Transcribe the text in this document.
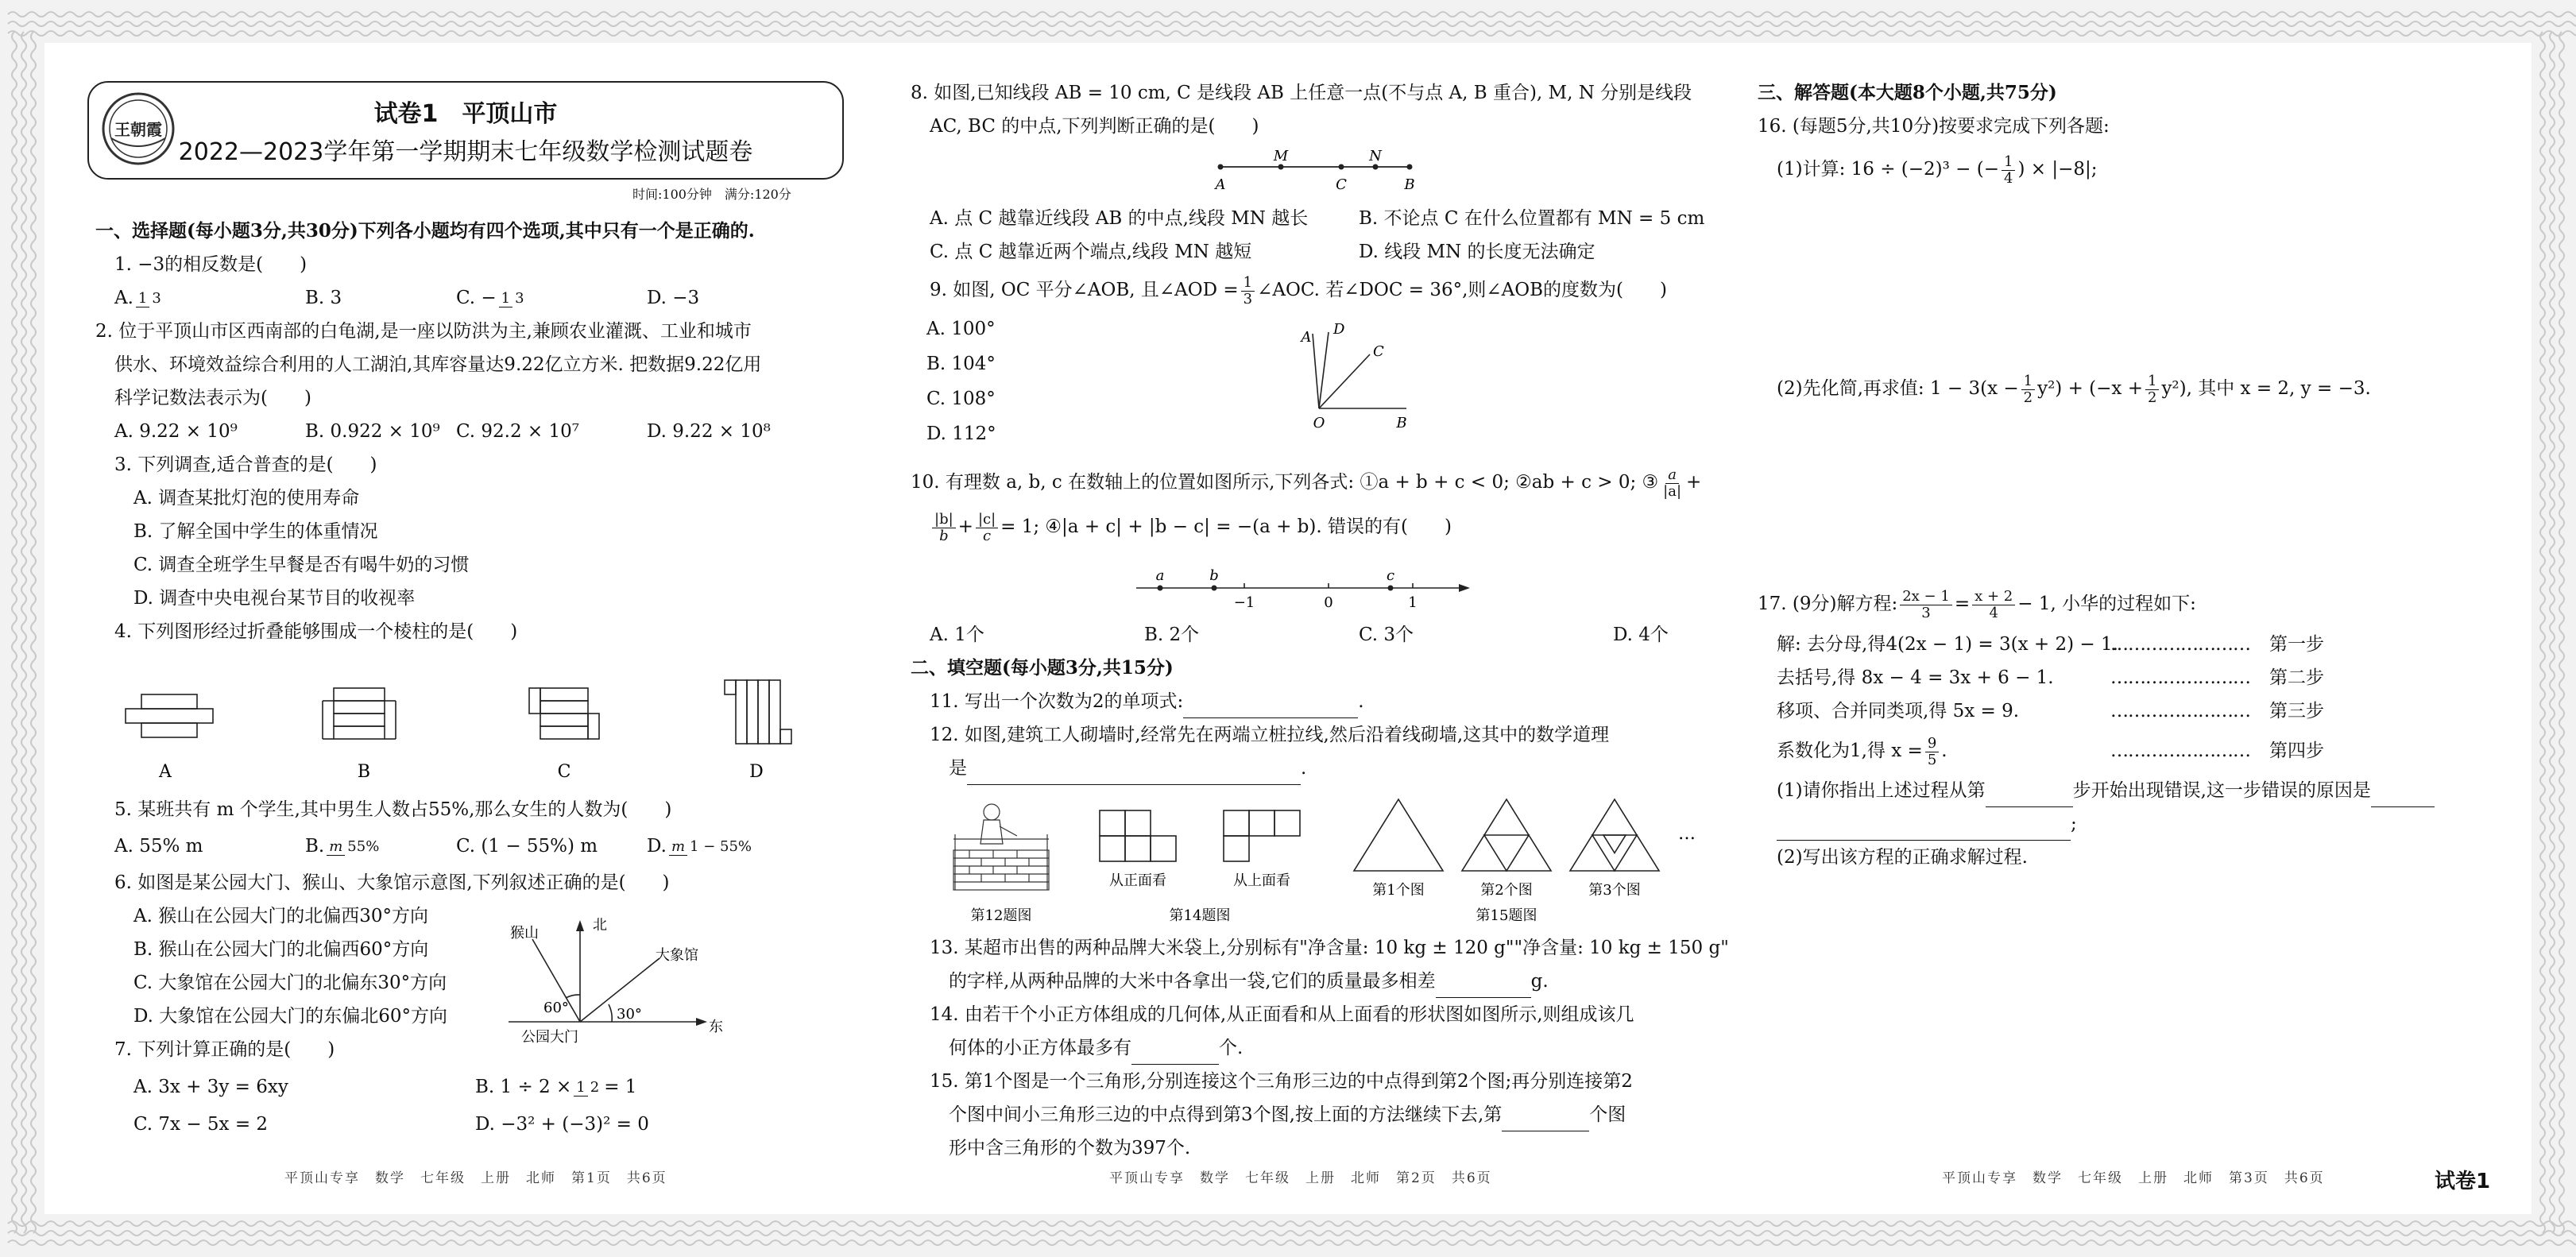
王朝霞
试卷1　平顶山市
2022—2023学年第一学期期末七年级数学检测试题卷
时间:100分钟　满分:120分

一、选择题(每小题3分,共30分)下列各小题均有四个选项,其中只有一个是正确的.

1. −3的相反数是(　　)

A. 1 3	B. 3	C. − 1 3	D. −3

2. 位于平顶山市区西南部的白龟湖,是一座以防洪为主,兼顾农业灌溉、工业和城市

供水、环境效益综合利用的人工湖泊,其库容量达9.22亿立方米. 把数据9.22亿用

科学记数法表示为(　　)

A. 9.22 × 10⁹	B. 0.922 × 10⁹ C. 92.2 × 10⁷	D. 9.22 × 10⁸

3. 下列调查,适合普查的是(　　)

A. 调查某批灯泡的使用寿命

B. 了解全国中学生的体重情况

C. 调查全班学生早餐是否有喝牛奶的习惯

D. 调查中央电视台某节目的收视率

4. 下列图形经过折叠能够围成一个棱柱的是(　　)

A	B	C	D

5. 某班共有 m 个学生,其中男生人数占55%,那么女生的人数为(　　)

A. 55% m	B. m 55%	C. (1 − 55%) m	D. m 1 − 55%

6. 如图是某公园大门、猴山、大象馆示意图,下列叙述正确的是(　　)

A. 猴山在公园大门的北偏西30°方向

B. 猴山在公园大门的北偏西60°方向

C. 大象馆在公园大门的北偏东30°方向

D. 大象馆在公园大门的东偏北60°方向

7. 下列计算正确的是(　　)

A. 3x + 3y = 6xy	B. 1 ÷ 2 × 1 2 = 1

C. 7x − 5x = 2	D. −3² + (−3)² = 0

猴山	北
大象馆
公园大门
东
60°	30°

8. 如图,已知线段 AB = 10 cm, C 是线段 AB 上任意一点(不与点 A, B 重合), M, N 分别是线段

AC, BC 的中点,下列判断正确的是(　　)

A
M
C
N
B

A. 点 C 越靠近线段 AB 的中点,线段 MN 越长	B. 不论点 C 在什么位置都有 MN = 5 cm

C. 点 C 越靠近两个端点,线段 MN 越短	D. 线段 MN 的长度无法确定

9. 如图, OC 平分∠AOB, 且∠AOD = $\frac{1}{3}$ ∠AOC. 若∠DOC = 36°,则∠AOB的度数为(　　)

A. 100°

B. 104°

C. 108°

D. 112°

A D
C
O	B

10. 有理数 a, b, c 在数轴上的位置如图所示,下列各式: ①a + b + c < 0; ②ab + c > 0; ③ $\frac{a}{|a|}$ +

$\frac{|b|}{b} + \frac{|c|}{c} = 1$; ④|a + c| + |b − c| = −(a + b). 错误的有(　　)

a	b
−1	0
c
1

A. 1个	B. 2个	C. 3个	D. 4个

二、填空题(每小题3分,共15分)

11. 写出一个次数为2的单项式:	.

12. 如图,建筑工人砌墙时,经常先在两端立桩拉线,然后沿着线砌墙,这其中的数学道理

是	.

第12题图
从正面看	从上面看
第14题图
…
第1个图	第2个图	第3个图
第15题图

13. 某超市出售的两种品牌大米袋上,分别标有"净含量: 10 kg ± 120 g""净含量: 10 kg ± 150 g"

的字样,从两种品牌的大米中各拿出一袋,它们的质量最多相差	g.

14. 由若干个小正方体组成的几何体,从正面看和从上面看的形状图如图所示,则组成该几

何体的小正方体最多有	个.

15. 第1个图是一个三角形,分别连接这个三角形三边的中点得到第2个图;再分别连接第2

个图中间小三角形三边的中点得到第3个图,按上面的方法继续下去,第	个图

形中含三角形的个数为397个.

三、解答题(本大题8个小题,共75分)

16. (每题5分,共10分)按要求完成下列各题:

(1)计算: 16 ÷ (−2)³ − (− $\frac{1}{4}$ ) × |−8|;

(2)先化简,再求值: $1 - 3(x - \frac{1}{2} y^2) + (-x + \frac{1}{2} y^2)$, 其中 x = 2, y = −3.

17. (9分)解方程: $\frac{2x - 1}{3} = \frac{x + 2}{4} - 1$, 小华的过程如下:

解: 去分母,得4(2x − 1) = 3(x + 2) − 1.…………………… 第一步

去括号,得 8x − 4 = 3x + 6 − 1.	…………………… 第二步

移项、合并同类项,得 5x = 9.	…………………… 第三步

系数化为1,得 $x = \frac{9}{5}$ .	…………………… 第四步

(1)请你指出上述过程从第	步开始出现错误,这一步错误的原因是

;

(2)写出该方程的正确求解过程.

平顶山专享　数学　七年级　上册　北师　第1页　共6页	平顶山专享　数学　七年级　上册　北师　第2页　共6页	平顶山专享　数学　七年级　上册　北师　第3页　共6页	试卷1
